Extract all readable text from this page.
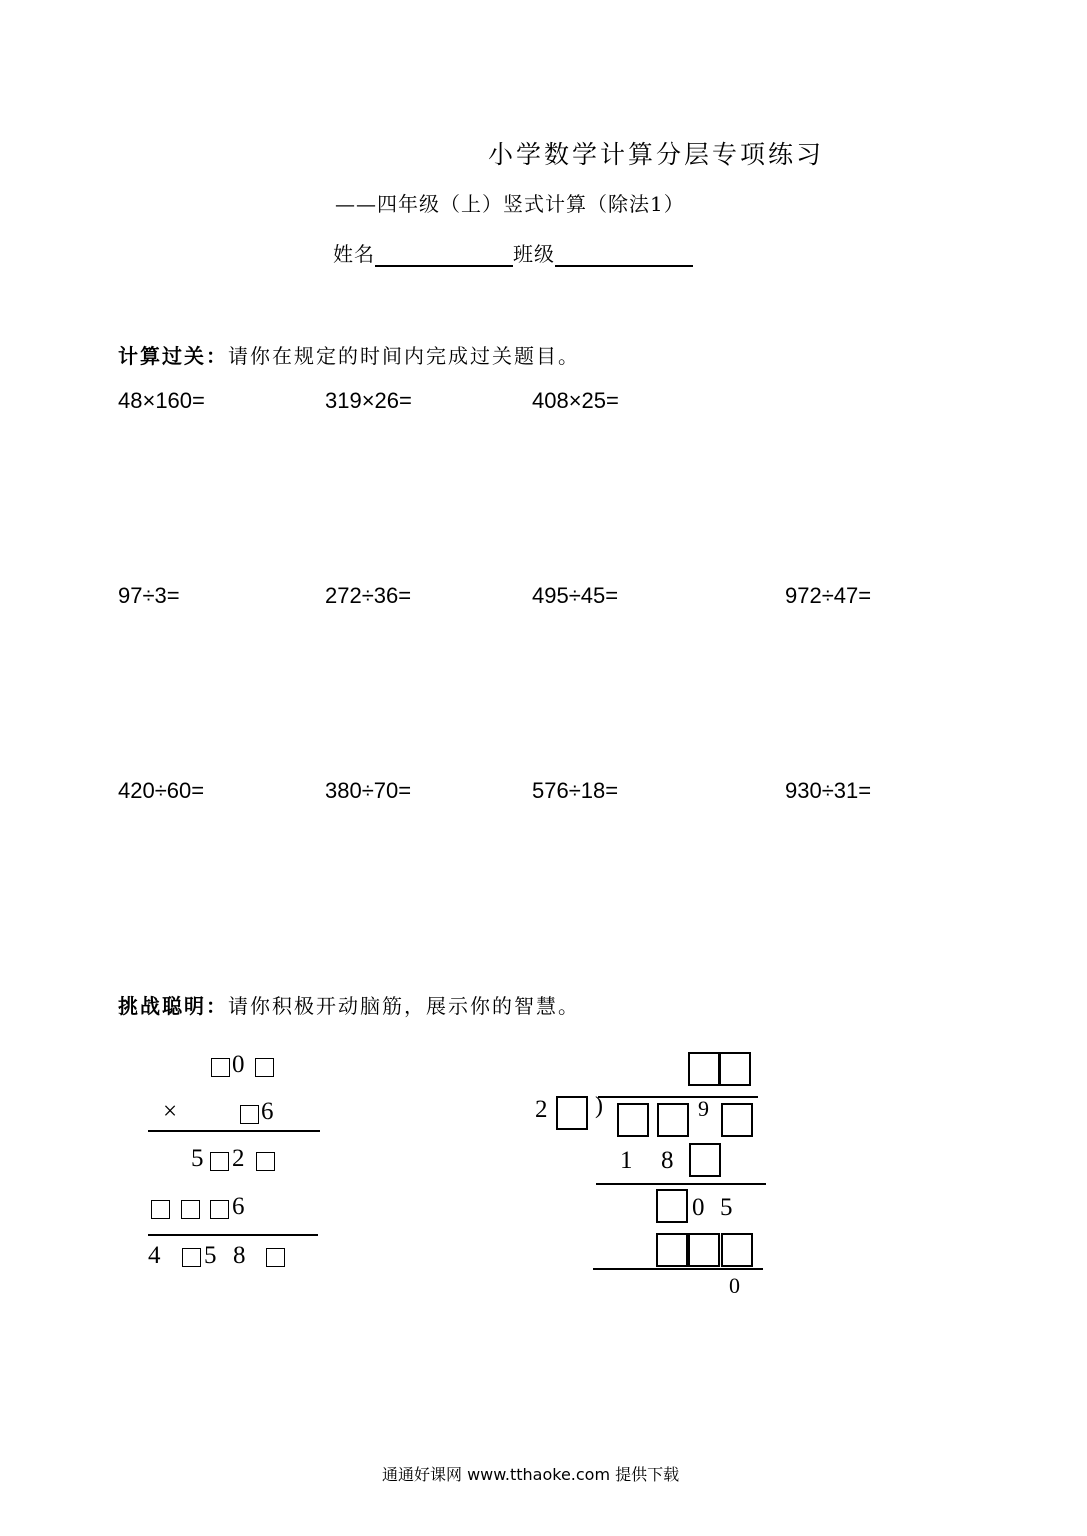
小学数学计算分层专项练习
——四年级（上）竖式计算（除法1）
姓名	班级
计算过关：请你在规定的时间内完成过关题目。
48×160=	319×26=	408×25=
97÷3=	272÷36=	495÷45=	972÷47=
420÷60=	380÷70=	576÷18=	930÷31=
挑战聪明：请你积极开动脑筋，展示你的智慧。
0
×	6
5 2
6
4 5 8
2 )	9
1 8
0 5
0
通通好课网 www.tthaoke.com 提供下载
